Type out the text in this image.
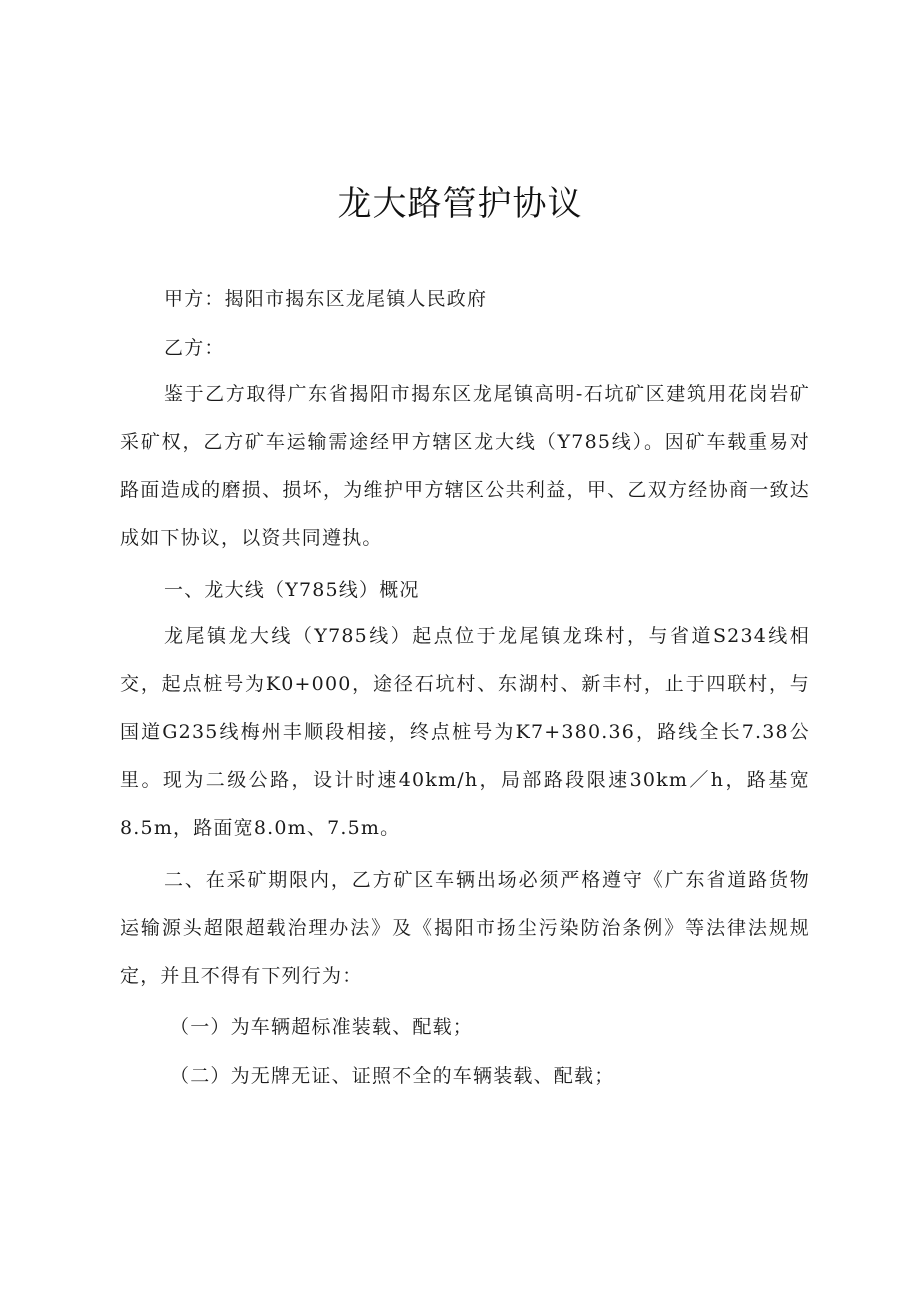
龙大路管护协议
甲方：揭阳市揭东区龙尾镇人民政府
乙方：
鉴于乙方取得广东省揭阳市揭东区龙尾镇高明-石坑矿区建筑用花岗岩矿采矿权，乙方矿车运输需途经甲方辖区龙大线（Y785线）。因矿车载重易对路面造成的磨损、损坏，为维护甲方辖区公共利益，甲、乙双方经协商一致达成如下协议，以资共同遵执。
一、龙大线（Y785线）概况
龙尾镇龙大线（Y785线）起点位于龙尾镇龙珠村，与省道S234线相交，起点桩号为K0+000，途径石坑村、东湖村、新丰村，止于四联村，与国道G235线梅州丰顺段相接，终点桩号为K7+380.36，路线全长7.38公里。现为二级公路，设计时速40km/h，局部路段限速30km／h，路基宽8.5m，路面宽8.0m、7.5m。
二、在采矿期限内，乙方矿区车辆出场必须严格遵守《广东省道路货物运输源头超限超载治理办法》及《揭阳市扬尘污染防治条例》等法律法规规定，并且不得有下列行为：
（一）为车辆超标准装载、配载；
（二）为无牌无证、证照不全的车辆装载、配载；
